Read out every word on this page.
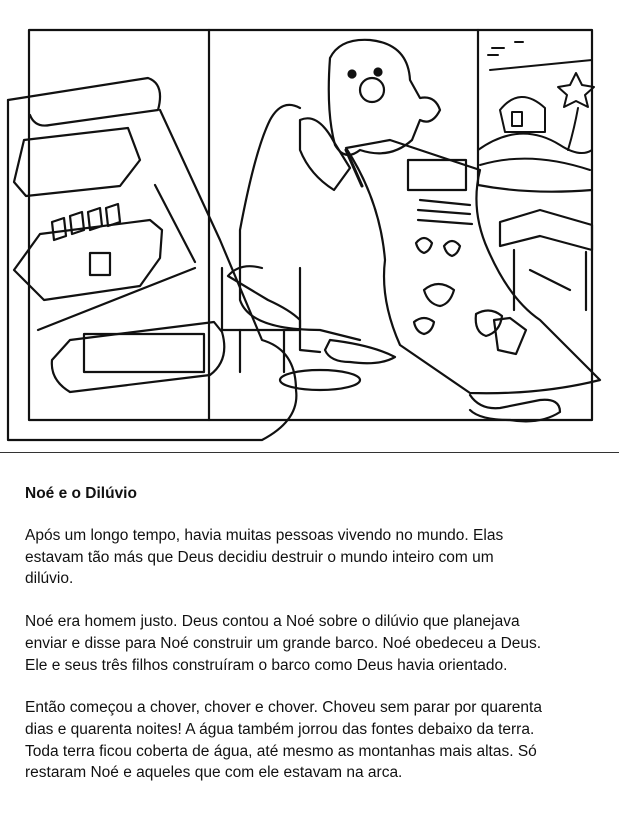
Noé e o Dilúvio
Após um longo tempo, havia muitas pessoas vivendo no mundo. Elas
estavam tão más que Deus decidiu destruir o mundo inteiro com um
dilúvio.
Noé era homem justo. Deus contou a Noé sobre o dilúvio que planejava
enviar e disse para Noé construir um grande barco. Noé obedeceu a Deus.
Ele e seus três filhos construíram o barco como Deus havia orientado.
Então começou a chover, chover e chover. Choveu sem parar por quarenta
dias e quarenta noites! A água também jorrou das fontes debaixo da terra.
Toda terra ficou coberta de água, até mesmo as montanhas mais altas. Só
restaram Noé e aqueles que com ele estavam na arca.
